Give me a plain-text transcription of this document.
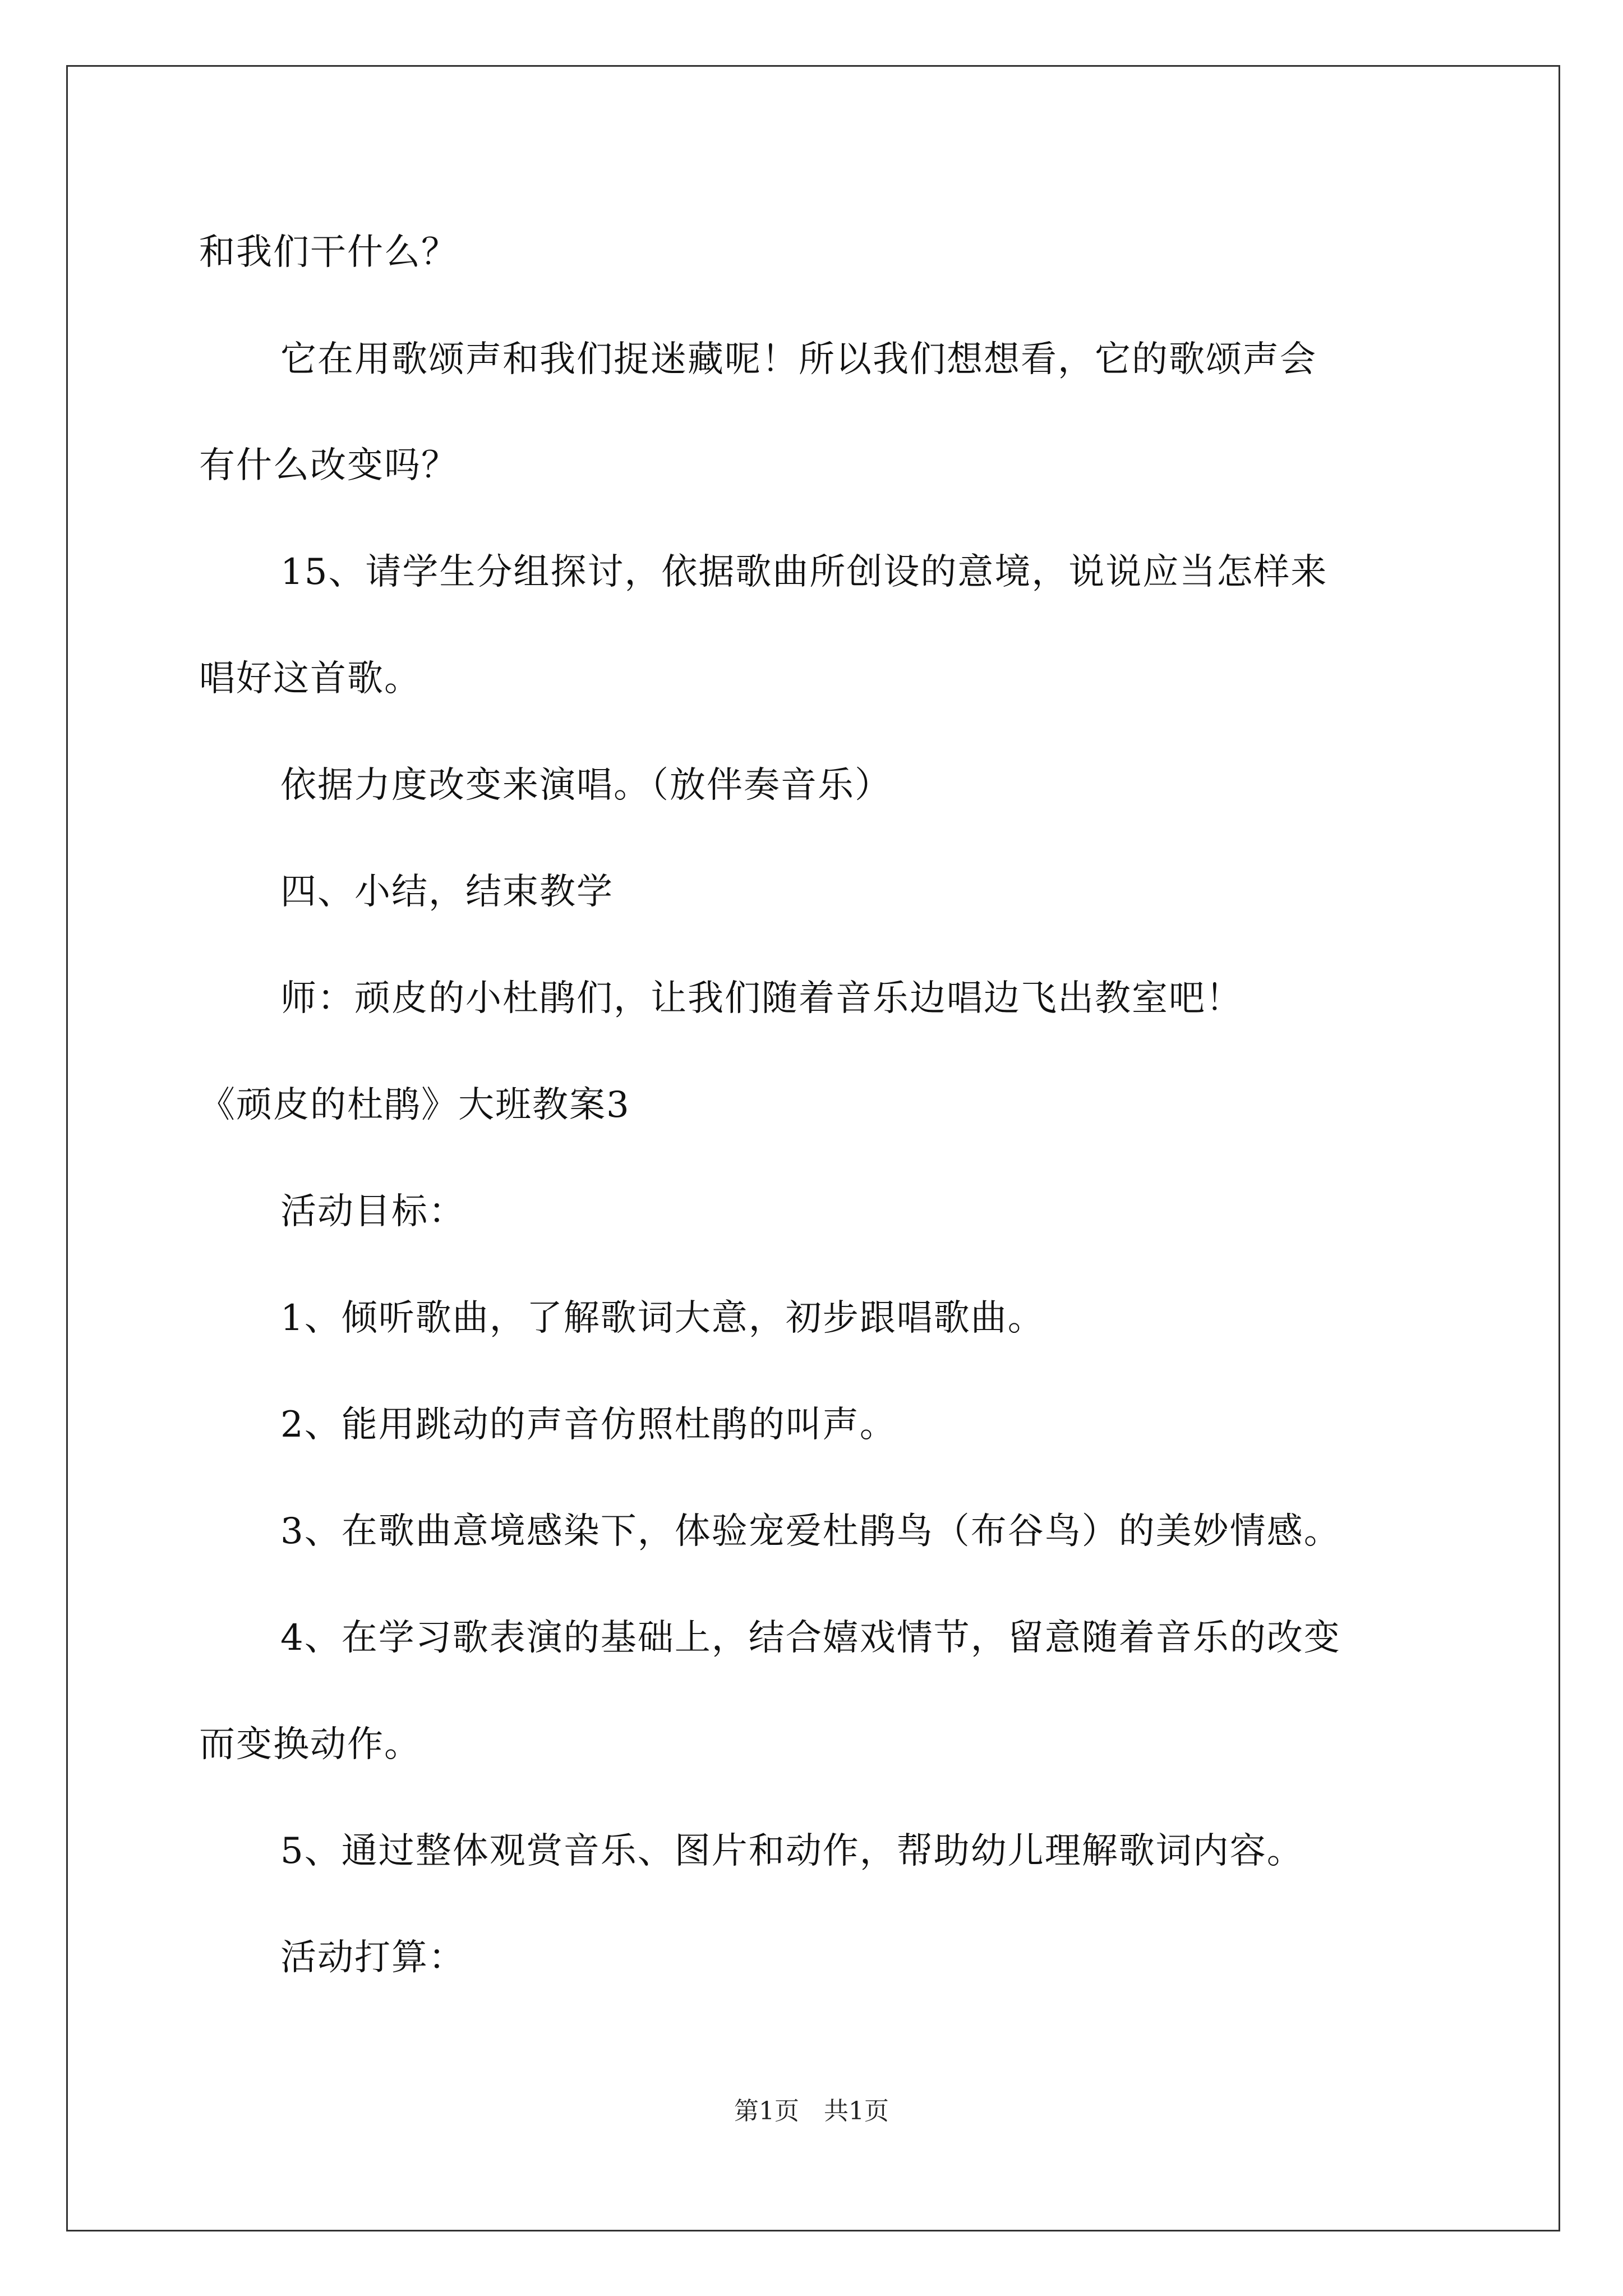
和我们干什么？

它在用歌颂声和我们捉迷藏呢！所以我们想想看，它的歌颂声会

有什么改变吗？

15、请学生分组探讨，依据歌曲所创设的意境，说说应当怎样来

唱好这首歌。

依据力度改变来演唱。（放伴奏音乐）

四、小结，结束教学

师：顽皮的小杜鹃们，让我们随着音乐边唱边飞出教室吧！

《顽皮的杜鹃》大班教案3

活动目标：

1、倾听歌曲，了解歌词大意，初步跟唱歌曲。

2、能用跳动的声音仿照杜鹃的叫声。

3、在歌曲意境感染下，体验宠爱杜鹃鸟（布谷鸟）的美妙情感。

4、在学习歌表演的基础上，结合嬉戏情节，留意随着音乐的改变

而变换动作。

5、通过整体观赏音乐、图片和动作，帮助幼儿理解歌词内容。

活动打算：

第1页　共1页
